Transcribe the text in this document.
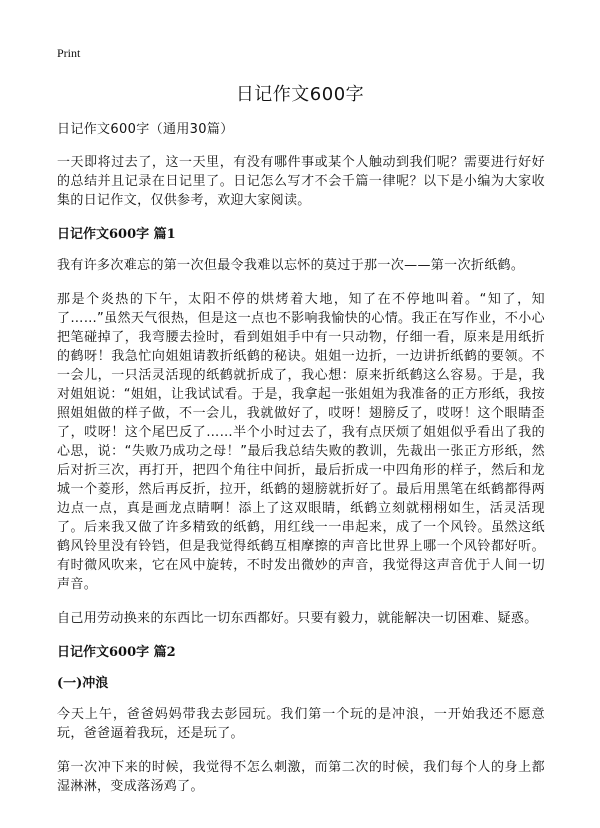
Print
日记作文600字

日记作文600字（通用30篇）

一天即将过去了，这一天里，有没有哪件事或某个人触动到我们呢？需要进行好好的总结并且记录在日记里了。日记怎么写才不会千篇一律呢？以下是小编为大家收集的日记作文，仅供参考，欢迎大家阅读。

日记作文600字 篇1

我有许多次难忘的第一次但最令我难以忘怀的莫过于那一次——第一次折纸鹤。

那是个炎热的下午，太阳不停的烘烤着大地，知了在不停地叫着。“知了，知了……”虽然天气很热，但是这一点也不影响我愉快的心情。我正在写作业，不小心把笔碰掉了，我弯腰去捡时，看到姐姐手中有一只动物，仔细一看，原来是用纸折的鹤呀！我急忙向姐姐请教折纸鹤的秘诀。姐姐一边折，一边讲折纸鹤的要领。不一会儿，一只活灵活现的纸鹤就折成了，我心想：原来折纸鹤这么容易。于是，我对姐姐说：“姐姐，让我试试看。于是，我拿起一张姐姐为我准备的正方形纸，我按照姐姐做的样子做，不一会儿，我就做好了，哎呀！翅膀反了，哎呀！这个眼睛歪了，哎呀！这个尾巴反了……半个小时过去了，我有点厌烦了姐姐似乎看出了我的心思，说：“失败乃成功之母！”最后我总结失败的教训，先裁出一张正方形纸，然后对折三次，再打开，把四个角往中间折，最后折成一中四角形的样子，然后和龙城一个菱形，然后再反折，拉开，纸鹤的翅膀就折好了。最后用黑笔在纸鹤都得两边点一点，真是画龙点睛啊！添上了这双眼睛，纸鹤立刻就栩栩如生，活灵活现了。后来我又做了许多精致的纸鹤，用红线一一串起来，成了一个风铃。虽然这纸鹤风铃里没有铃铛，但是我觉得纸鹤互相摩擦的声音比世界上哪一个风铃都好听。有时微风吹来，它在风中旋转，不时发出微妙的声音，我觉得这声音优于人间一切声音。

自己用劳动换来的东西比一切东西都好。只要有毅力，就能解决一切困难、疑惑。

日记作文600字 篇2
(一)冲浪

今天上午，爸爸妈妈带我去彭园玩。我们第一个玩的是冲浪，一开始我还不愿意玩，爸爸逼着我玩，还是玩了。

第一次冲下来的时候，我觉得不怎么刺激，而第二次的时候，我们每个人的身上都湿淋淋，变成落汤鸡了。
